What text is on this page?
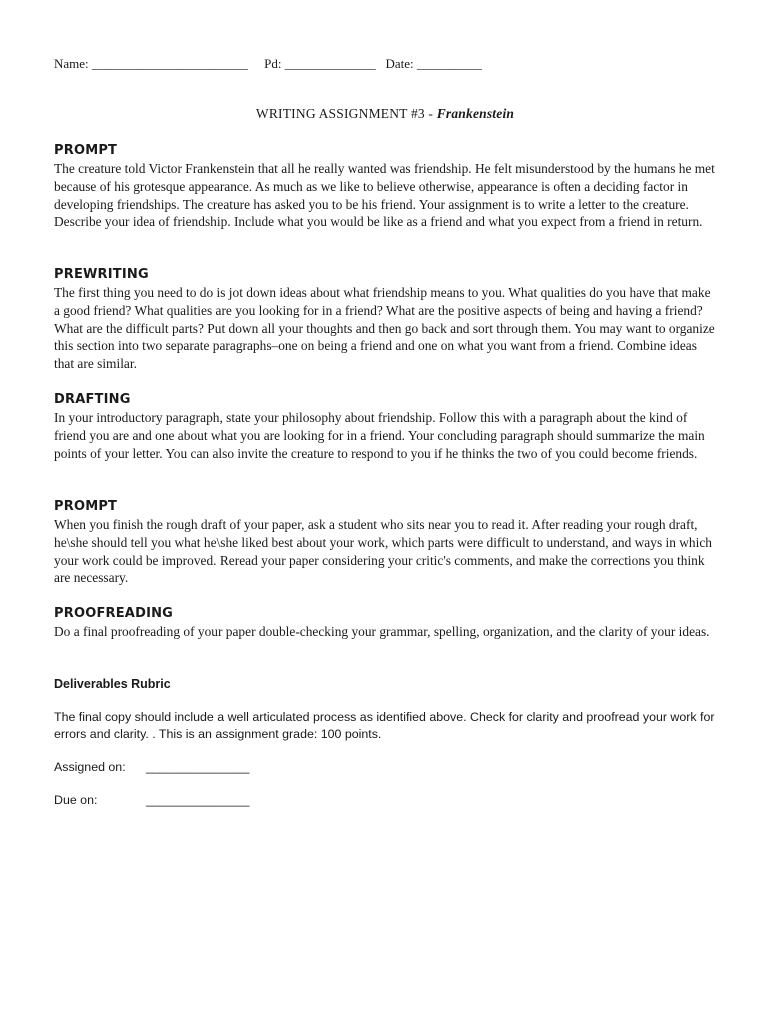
Name: ________________________ Pd: ______________ Date: __________
WRITING ASSIGNMENT #3 - Frankenstein
PROMPT

The creature told Victor Frankenstein that all he really wanted was friendship. He felt misunderstood by the humans he met because of his grotesque appearance. As much as we like to believe otherwise, appearance is often a deciding factor in developing friendships. The creature has asked you to be his friend. Your assignment is to write a letter to the creature. Describe your idea of friendship. Include what you would be like as a friend and what you expect from a friend in return.

PREWRITING

The first thing you need to do is jot down ideas about what friendship means to you. What qualities do you have that make a good friend? What qualities are you looking for in a friend? What are the positive aspects of being and having a friend? What are the difficult parts? Put down all your thoughts and then go back and sort through them. You may want to organize this section into two separate paragraphs–one on being a friend and one on what you want from a friend. Combine ideas that are similar.

DRAFTING

In your introductory paragraph, state your philosophy about friendship. Follow this with a paragraph about the kind of friend you are and one about what you are looking for in a friend. Your concluding paragraph should summarize the main points of your letter. You can also invite the creature to respond to you if he thinks the two of you could become friends.

PROMPT

When you finish the rough draft of your paper, ask a student who sits near you to read it. After reading your rough draft, he\she should tell you what he\she liked best about your work, which parts were difficult to understand, and ways in which your work could be improved. Reread your paper considering your critic's comments, and make the corrections you think are necessary.

PROOFREADING

Do a final proofreading of your paper double-checking your grammar, spelling, organization, and the clarity of your ideas.

Deliverables Rubric

The final copy should include a well articulated process as identified above. Check for clarity and proofread your work for errors and clarity. . This is an assignment grade: 100 points.

Assigned on: _______________
Due on:	_______________
